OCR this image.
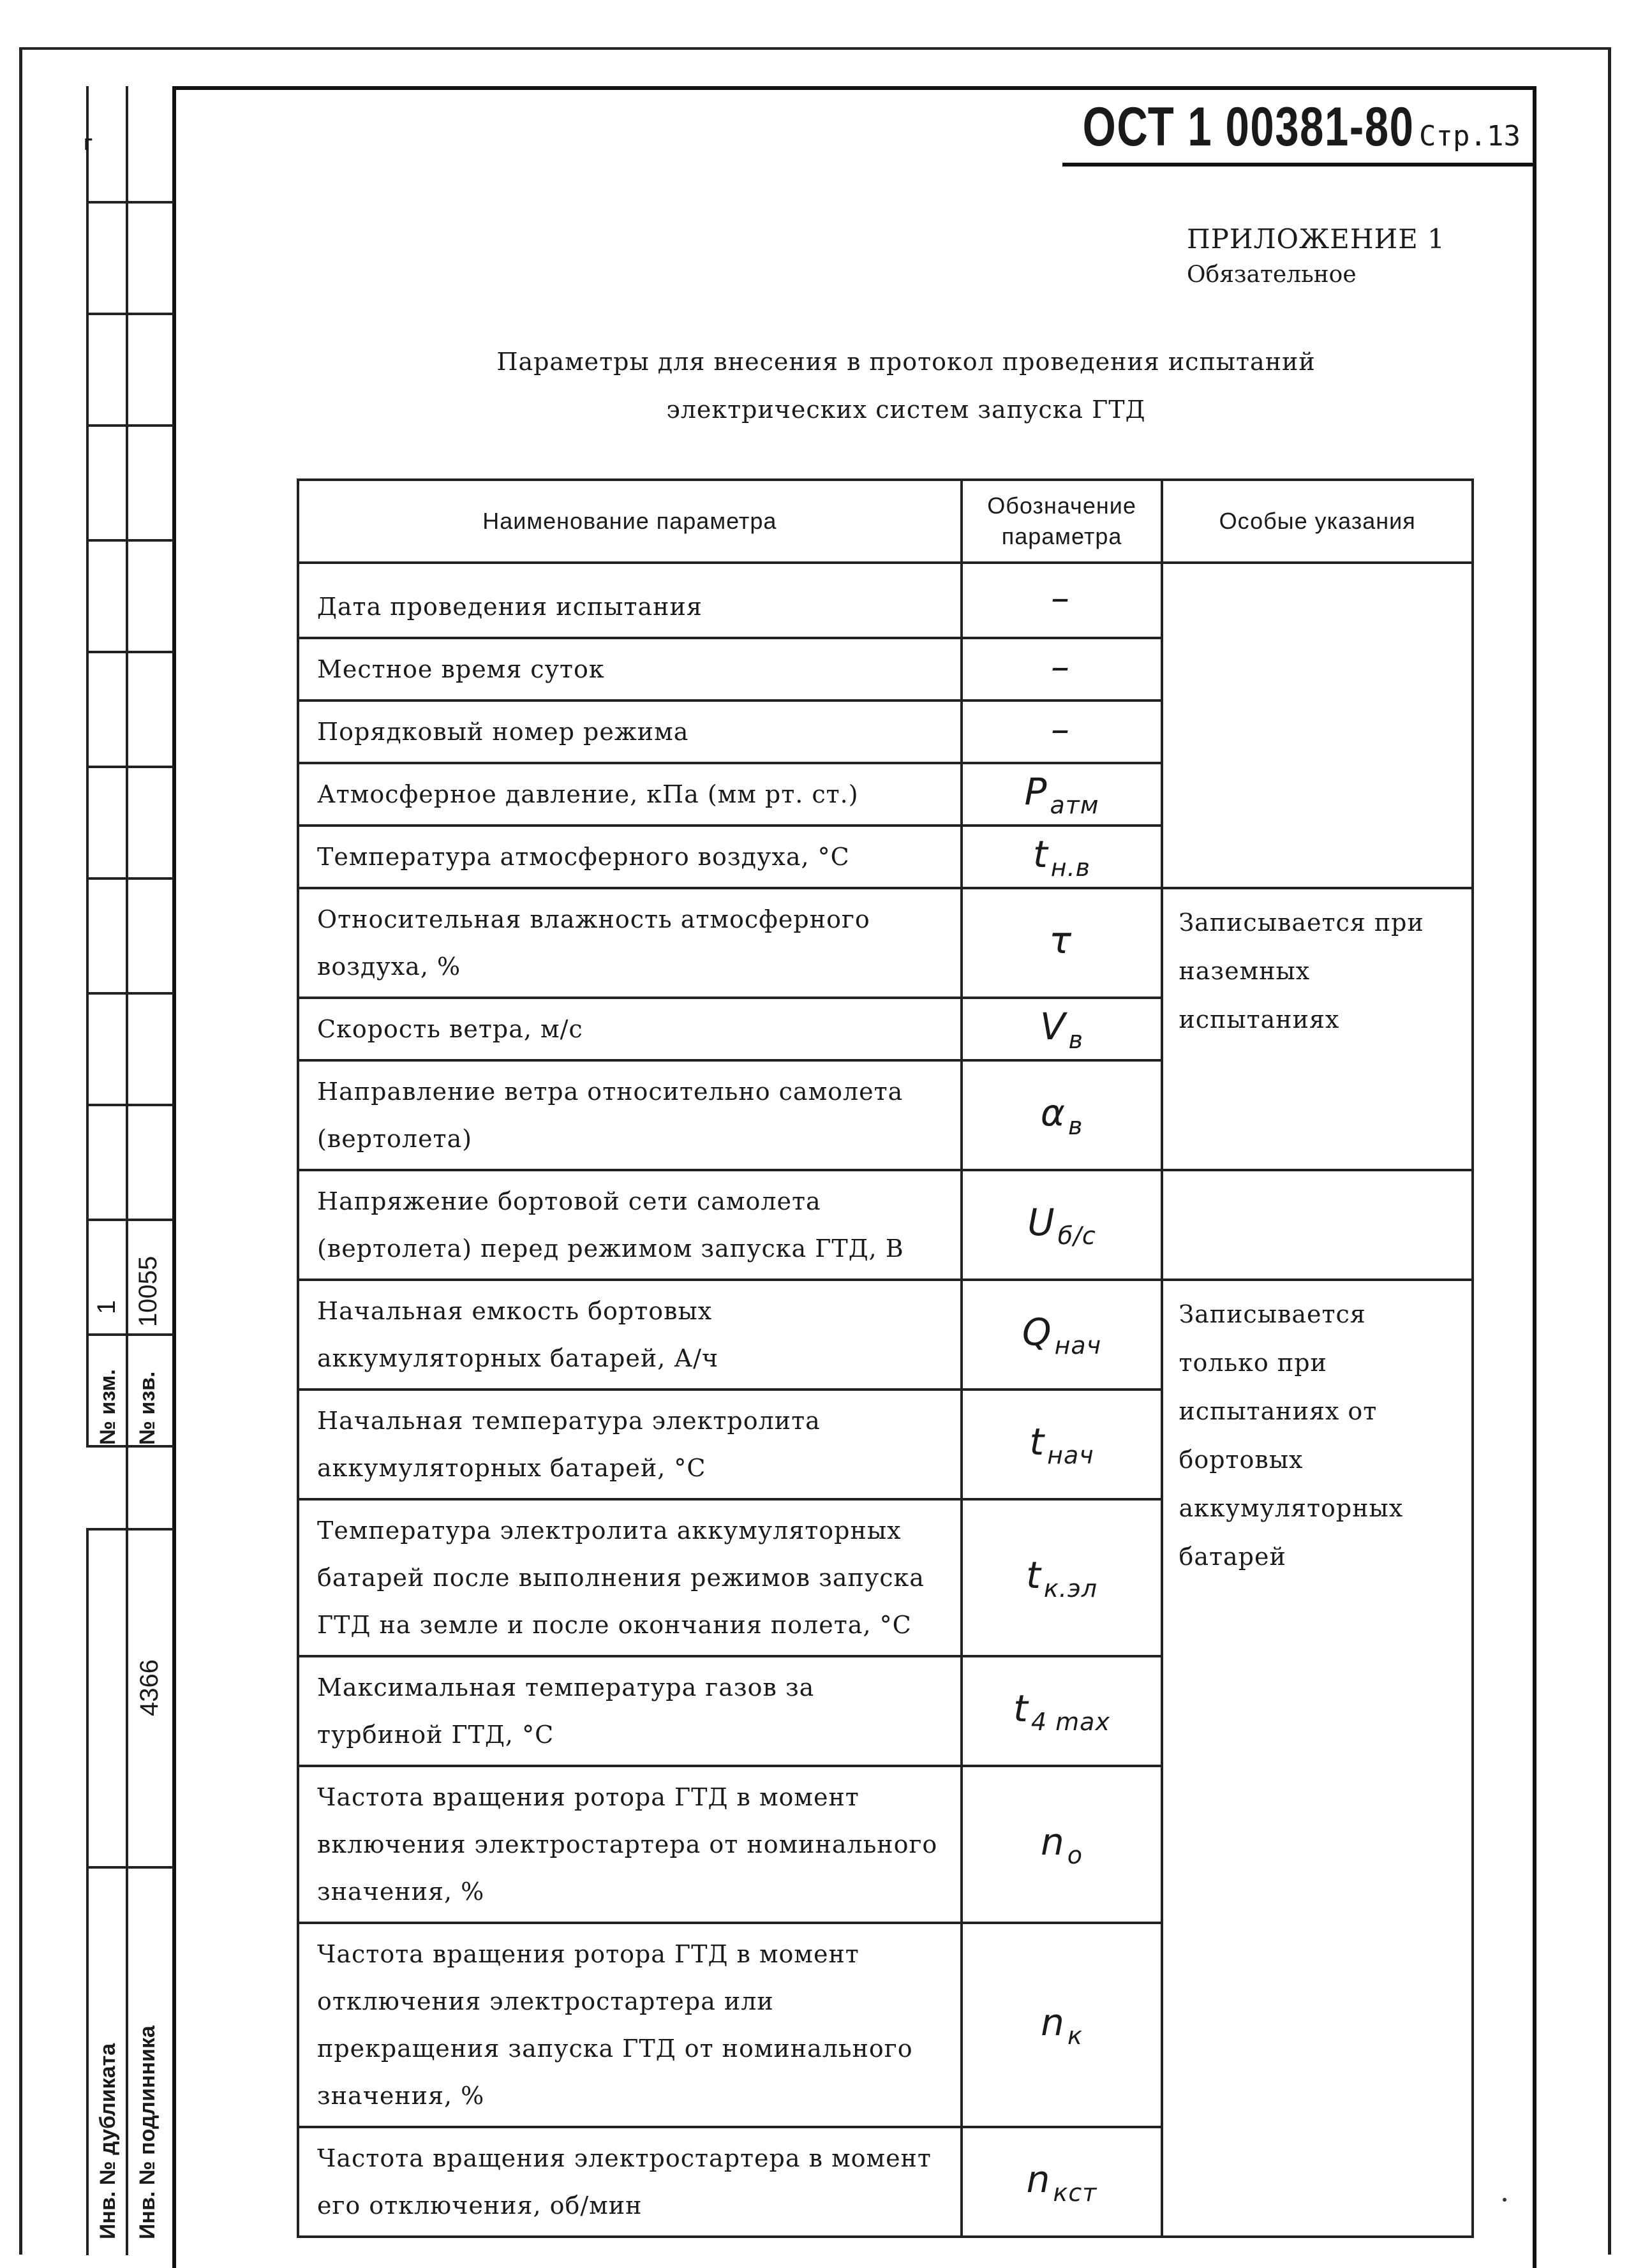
г
1 10055
№ изм. № изв.
4366
Инв. № дубликата Инв. № подлинника
ОСТ 1 00381-80 Стр.13
ПРИЛОЖЕНИЕ 1
Обязательное
Параметры для внесения в протокол проведения испытаний
электрических систем запуска ГТД
Наименование параметра	Обозначение параметра	Особые указания
Дата проведения испытания	–	
Местное время суток	–	
Порядковый номер режима	–	
Атмосферное давление, кПа (мм рт. ст.)	P $_{атм}$
Температура атмосферного воздуха, °С	t $_{н.в}$
Относительная влажность атмосферного воздуха, %	τ	Записывается при наземных испытаниях
Скорость ветра, м/с	V $_в$
Направление ветра относительно самолета (вертолета)	α $_в$
Напряжение бортовой сети самолета (вертолета) перед режимом запуска ГТД, В	U $_{б/с}$	
Начальная емкость бортовых аккумуляторных батарей, А/ч	Q $_{нач}$	Записывается только при испытаниях от бортовых аккумуляторных батарей
Начальная температура электролита аккумуляторных батарей, °С	t $_{нач}$
Температура электролита аккумуляторных батарей после выполнения режимов запуска ГТД на земле и после окончания полета, °С	t $_{к.эл}$
Максимальная температура газов за турбиной ГТД, °С	t $_{4 max}$
Частота вращения ротора ГТД в момент включения электростартера от номинального значения, %	n $_о$
Частота вращения ротора ГТД в момент отключения электростартера или прекращения запуска ГТД от номинального значения, %	n $_к$
Частота вращения электростартера в момент его отключения, об/мин	n $_{кст}$
